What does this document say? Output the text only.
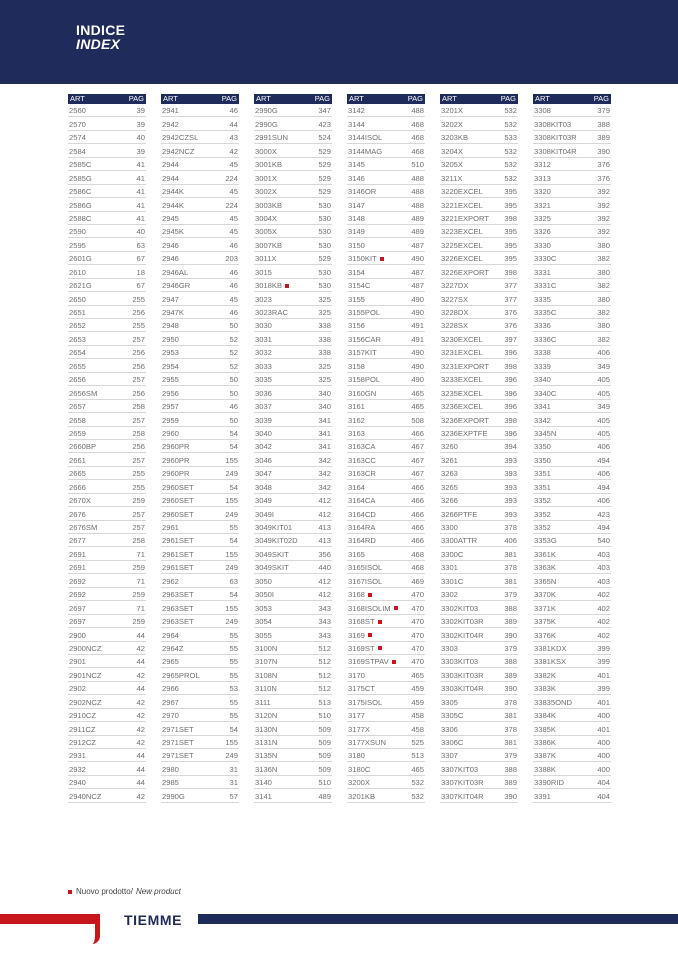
INDICE
INDEX
ART	PAG
2560	39
2570	39
2574	40
2584	39
2585C	41
2585G	41
2586C	41
2586G	41
2588C	41
2590	40
2595	63
2601G	67
2610	18
2621G	67
2650	255
2651	256
2652	255
2653	257
2654	256
2655	256
2656	257
2656SM	256
2657	258
2658	257
2659	258
2660BP	256
2661	257
2665	255
2666	255
2670X	259
2676	257
2676SM	257
2677	258
2691	71
2691	259
2692	71
2692	259
2697	71
2697	259
2900	44
2900NCZ	42
2901	44
2901NCZ	42
2902	44
2902NCZ	42
2910CZ	42
2911CZ	42
2912CZ	42
2931	44
2932	44
2940	44
2940NCZ	42
ART	PAG
2941	46
2942	44
2942CZSL	43
2942NCZ	42
2944	45
2944	224
2944K	45
2944K	224
2945	45
2945K	45
2946	46
2946	203
2946AL	46
2946GR	46
2947	45
2947K	46
2948	50
2950	52
2953	52
2954	52
2955	50
2956	50
2957	46
2959	50
2960	54
2960PR	54
2960PR	155
2960PR	249
2960SET	54
2960SET	155
2960SET	249
2961	55
2961SET	54
2961SET	155
2961SET	249
2962	63
2963SET	54
2963SET	155
2963SET	249
2964	55
2964Z	55
2965	55
2965PROL	55
2966	53
2967	55
2970	55
2971SET	54
2971SET	155
2971SET	249
2980	31
2985	31
2990G	57
ART	PAG
2990G	347
2990G	423
2991SUN	524
3000X	529
3001KB	529
3001X	529
3002X	529
3003KB	530
3004X	530
3005X	530
3007KB	530
3011X	529
3015	530
3018KB	530
3023	325
3023RAC	325
3030	338
3031	338
3032	338
3033	325
3035	325
3036	340
3037	340
3039	341
3040	341
3042	341
3046	342
3047	342
3048	342
3049	412
3049I	412
3049KIT01	413
3049KIT02D	413
3049SKIT	356
3049SKIT	440
3050	412
3050I	412
3053	343
3054	343
3055	343
3100N	512
3107N	512
3108N	512
3110N	512
3111	513
3120N	510
3130N	509
3131N	509
3135N	509
3136N	509
3140	510
3141	489
ART	PAG
3142	488
3144	468
3144ISOL	468
3144MAG	468
3145	510
3146	488
3146OR	488
3147	488
3148	489
3149	489
3150	487
3150KIT	490
3154	487
3154C	487
3155	490
3155POL	490
3156	491
3156CAR	491
3157KIT	490
3158	490
3158POL	490
3160GN	465
3161	465
3162	508
3163	466
3163CA	467
3163CC	467
3163CR	467
3164	466
3164CA	466
3164CD	466
3164RA	466
3164RD	466
3165	468
3165ISOL	468
3167ISOL	469
3168	470
3168ISOLIM	470
3168ST	470
3169	470
3169ST	470
3169STPAV	470
3170	465
3175CT	459
3175ISOL	459
3177	458
3177X	458
3177XSUN	525
3180	513
3180C	465
3200X	532
3201KB	532
ART	PAG
3201X	532
3202X	532
3203KB	533
3204X	532
3205X	532
3211X	532
3220EXCEL	395
3221EXCEL	395
3221EXPORT 398
3223EXCEL	395
3225EXCEL	395
3226EXCEL	395
3226EXPORT 398
3227DX	377
3227SX	377
3228DX	376
3228SX	376
3230EXCEL	397
3231EXCEL	396
3231EXPORT 398
3233EXCEL	396
3235EXCEL	396
3236EXCEL	396
3236EXPORT 398
3236EXPTFE 396
3260	394
3261	393
3263	393
3265	393
3266	393
3266PTFE	393
3300	378
3300ATTR	406
3300C	381
3301	378
3301C	381
3302	379
3302KIT03	388
3302KIT03R	389
3302KIT04R	390
3303	379
3303KIT03	388
3303KIT03R	389
3303KIT04R	390
3305	378
3305C	381
3306	378
3306C	381
3307	379
3307KIT03	388
3307KIT03R	389
3307KIT04R	390
ART	PAG
3308	379
3308KIT03	388
3308KIT03R	389
3308KIT04R	390
3312	376
3313	376
3320	392
3321	392
3325	392
3326	392
3330	380
3330C	382
3331	380
3331C	382
3335	380
3335C	382
3336	380
3336C	382
3338	406
3339	349
3340	405
3340C	405
3341	349
3342	405
3345N	405
3350	406
3350	494
3351	406
3351	494
3352	406
3352	423
3352	494
3353G	540
3361K	403
3363K	403
3365N	403
3370K	402
3371K	402
3375K	402
3376K	402
3381KDX	399
3381KSX	399
3382K	401
3383K	399
33835OND	401
3384K	400
3385K	401
3386K	400
3387K	400
3388K	400
3390RID	404
3391	404
Nuovo prodotto/ New product
TIEMME
